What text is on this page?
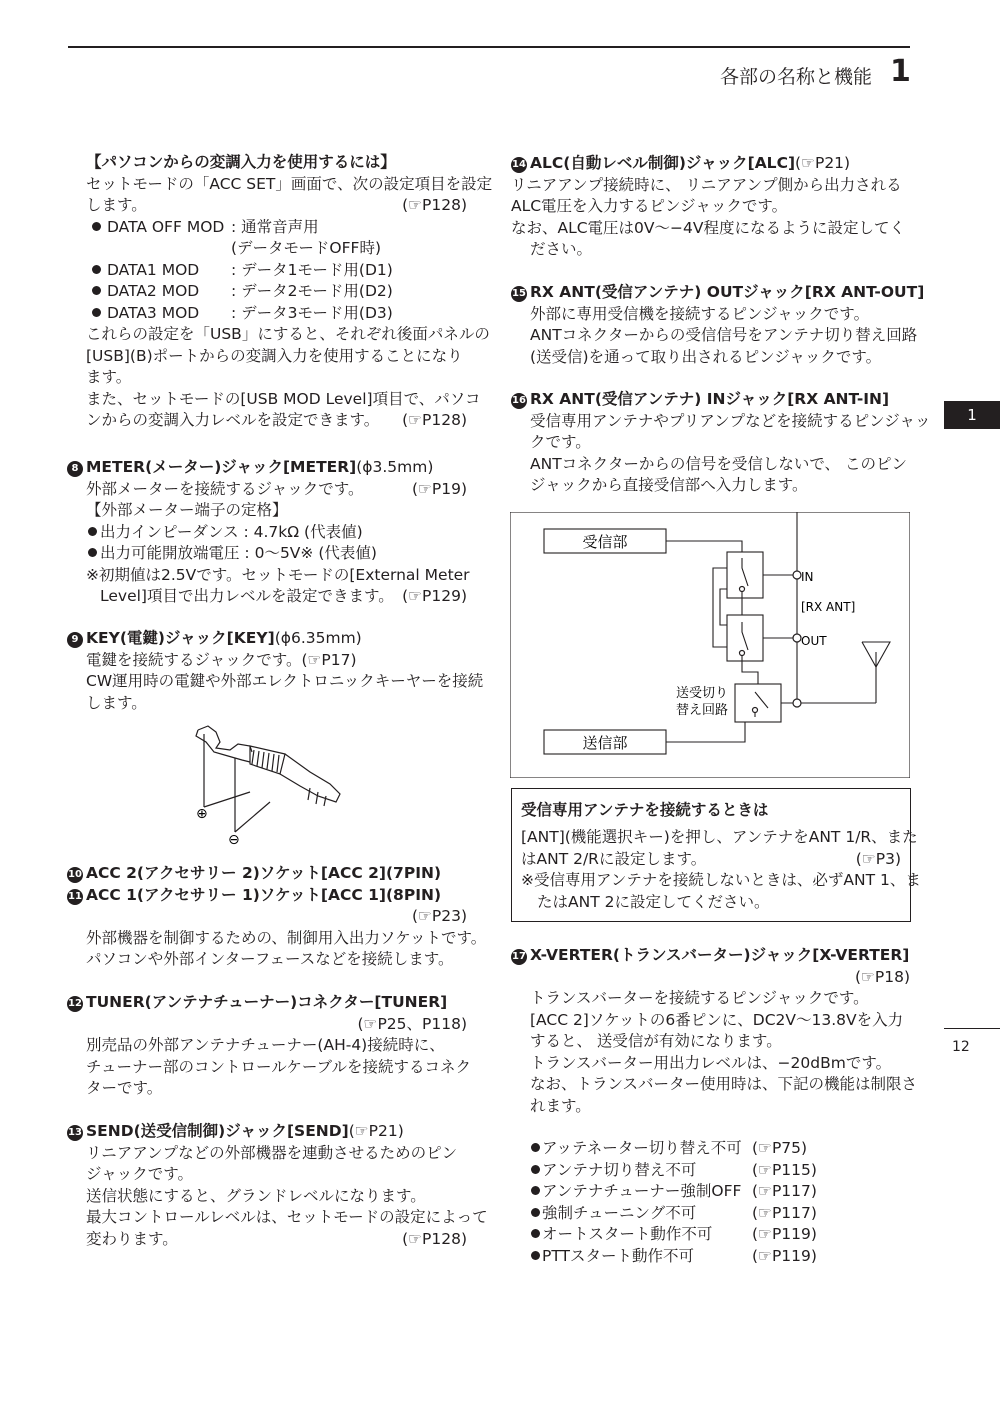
各部の名称と機能 1
1
12
【パソコンからの変調入力を使用するには】
セットモードの「ACC SET」画面で、次の設定項目を設定
します。	(☞P128)
DATA OFF MOD : 通常音声用
(データモードOFF時)
DATA1 MOD : データ1モード用(D1)
DATA2 MOD : データ2モード用(D2)
DATA3 MOD : データ3モード用(D3)
これらの設定を「USB」にすると、それぞれ後面パネルの
[USB](B)ポートからの変調入力を使用することになり
ます。
また、セットモードの[USB MOD Level]項目で、パソコ
ンからの変調入力レベルを設定できます。 (☞P128)
8 METER(メーター)ジャック[METER](ϕ3.5mm)
外部メーターを接続するジャックです。	(☞P19)
【外部メーター端子の定格】
出力インピーダンス : 4.7kΩ (代表値)
出力可能開放端電圧 : 0〜5V※ (代表値)
※初期値は2.5Vです。セットモードの[External Meter
Level]項目で出力レベルを設定できます。 (☞P129)
9 KEY(電鍵)ジャック[KEY](ϕ6.35mm)
電鍵を接続するジャックです。(☞P17)
CW運用時の電鍵や外部エレクトロニックキーヤーを接続
します。
⊕
⊖
10 ACC 2(アクセサリー 2)ソケット[ACC 2](7PIN)
11 ACC 1(アクセサリー 1)ソケット[ACC 1](8PIN)
(☞P23)
外部機器を制御するための、制御用入出力ソケットです。
パソコンや外部インターフェースなどを接続します。
12 TUNER(アンテナチューナー)コネクター[TUNER]
(☞P25、P118)
別売品の外部アンテナチューナー(AH-4)接続時に、
チューナー部のコントロールケーブルを接続するコネク
ターです。
13 SEND(送受信制御)ジャック[SEND](☞P21)
リニアアンプなどの外部機器を連動させるためのピン
ジャックです。
送信状態にすると、グランドレベルになります。
最大コントロールレベルは、セットモードの設定によって
変わります。	(☞P128)
14 ALC(自動レベル制御)ジャック[ALC](☞P21)
リニアアンプ接続時に、 リニアアンプ側から出力される
ALC電圧を入力するピンジャックです。
なお、ALC電圧は0V〜−4V程度になるように設定してく
ださい。
15 RX ANT(受信アンテナ) OUTジャック[RX ANT-OUT]
外部に専用受信機を接続するピンジャックです。
ANTコネクターからの受信信号をアンテナ切り替え回路
(送受信)を通って取り出されるピンジャックです。
16 RX ANT(受信アンテナ) INジャック[RX ANT-IN]
受信専用アンテナやプリアンプなどを接続するピンジャッ
クです。
ANTコネクターからの信号を受信しないで、 このピン
ジャックから直接受信部へ入力します。
受信部
送信部
IN
[RX ANT]
OUT
送受切り
替え回路
受信専用アンテナを接続するときは
[ANT](機能選択キー)を押し、アンテナをANT 1/R、また
はANT 2/Rに設定します。	(☞P3)
※受信専用アンテナを接続しないときは、必ずANT 1、ま
たはANT 2に設定してください。
17 X-VERTER(トランスバーター)ジャック[X-VERTER]
(☞P18)
トランスバーターを接続するピンジャックです。
[ACC 2]ソケットの6番ピンに、DC2V〜13.8Vを入力
すると、 送受信が有効になります。
トランスバーター用出力レベルは、−20dBmです。
なお、トランスバーター使用時は、下記の機能は制限さ
れます。
アッテネーター切り替え不可 (☞P75)
アンテナ切り替え不可	(☞P115)
アンテナチューナー強制OFF (☞P117)
強制チューニング不可	(☞P117)
オートスタート動作不可	(☞P119)
PTTスタート動作不可	(☞P119)
